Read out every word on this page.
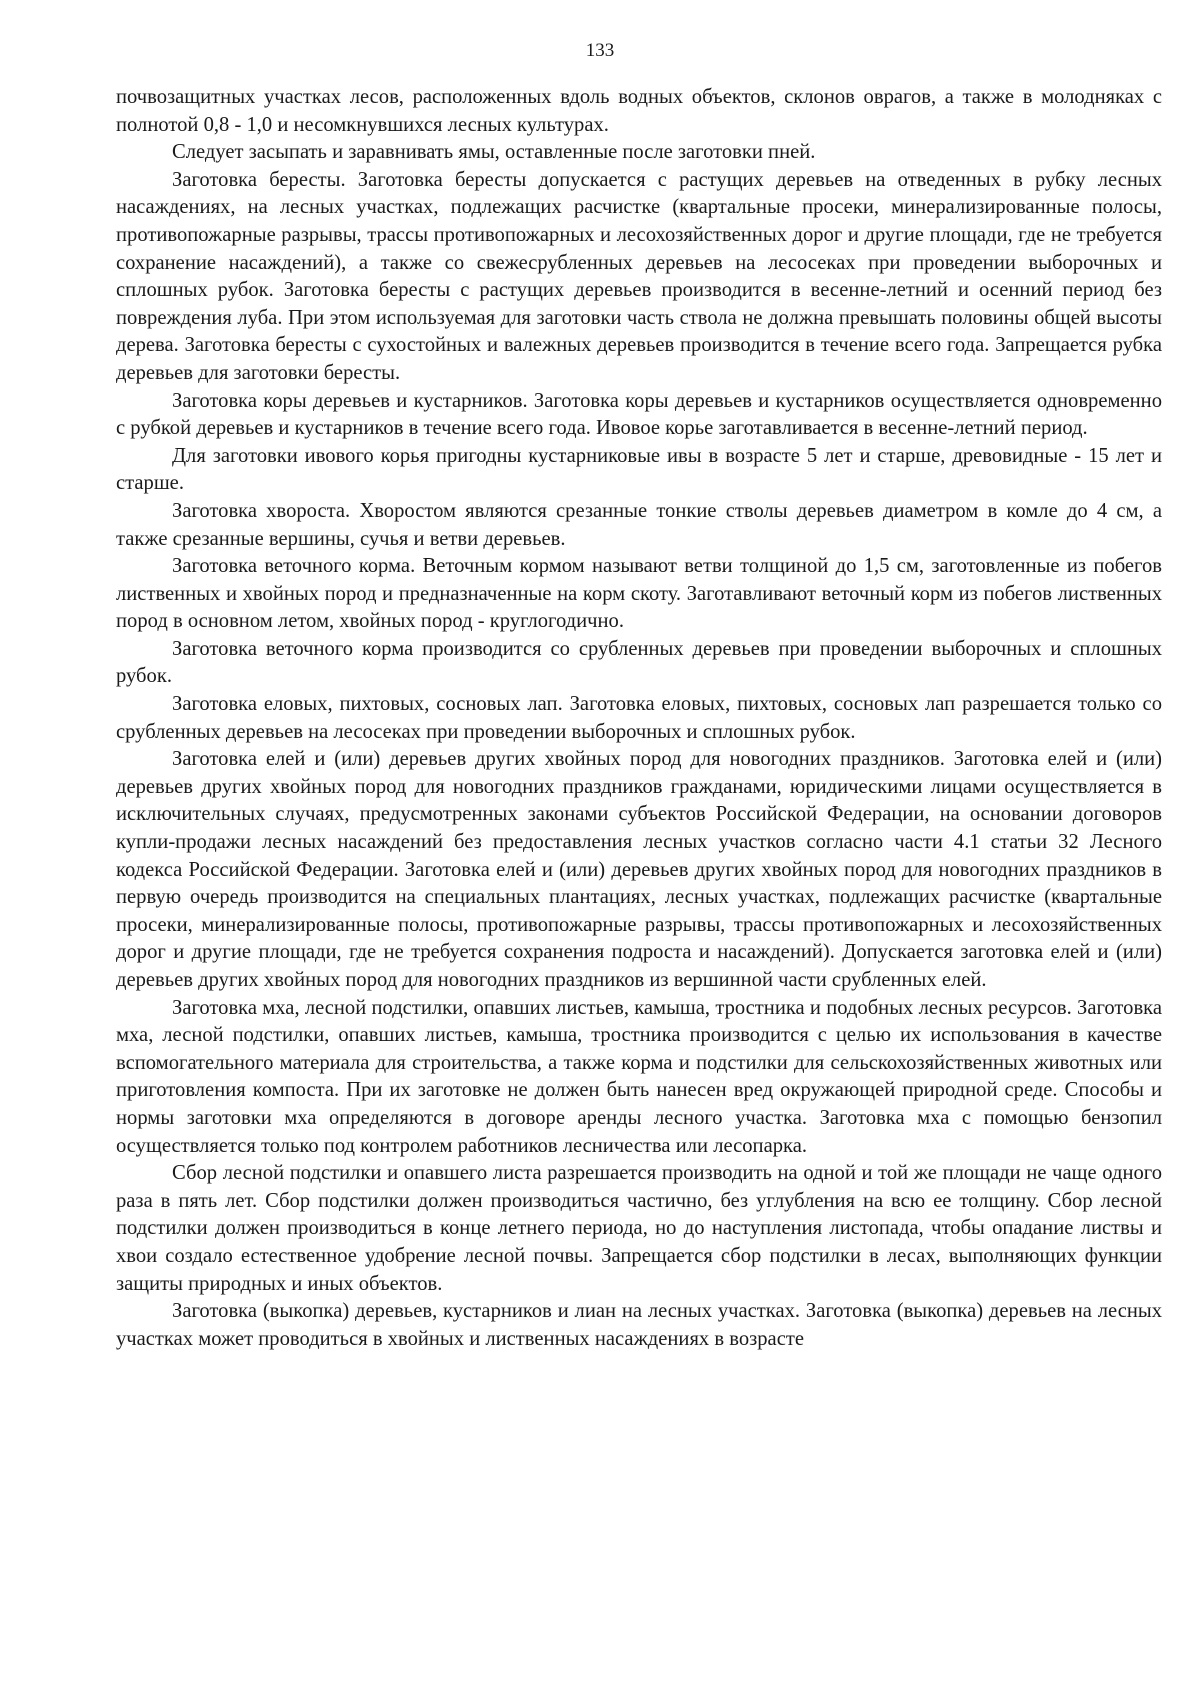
133

почвозащитных участках лесов, расположенных вдоль водных объектов, склонов оврагов, а также в молодняках с полнотой 0,8 - 1,0 и несомкнувшихся лесных культурах.

Следует засыпать и заравнивать ямы, оставленные после заготовки пней.

Заготовка бересты. Заготовка бересты допускается с растущих деревьев на отведенных в рубку лесных насаждениях, на лесных участках, подлежащих расчистке (квартальные просеки, минерализированные полосы, противопожарные разрывы, трассы противопожарных и лесохозяйственных дорог и другие площади, где не требуется сохранение насаждений), а также со свежесрубленных деревьев на лесосеках при проведении выборочных и сплошных рубок. Заготовка бересты с растущих деревьев производится в весенне-летний и осенний период без повреждения луба. При этом используемая для заготовки часть ствола не должна превышать половины общей высоты дерева. Заготовка бересты с сухостойных и валежных деревьев производится в течение всего года. Запрещается рубка деревьев для заготовки бересты.

Заготовка коры деревьев и кустарников. Заготовка коры деревьев и кустарников осуществляется одновременно с рубкой деревьев и кустарников в течение всего года. Ивовое корье заготавливается в весенне-летний период.

Для заготовки ивового корья пригодны кустарниковые ивы в возрасте 5 лет и старше, древовидные - 15 лет и старше.

Заготовка хвороста. Хворостом являются срезанные тонкие стволы деревьев диаметром в комле до 4 см, а также срезанные вершины, сучья и ветви деревьев.

Заготовка веточного корма. Веточным кормом называют ветви толщиной до 1,5 см, заготовленные из побегов лиственных и хвойных пород и предназначенные на корм скоту. Заготавливают веточный корм из побегов лиственных пород в основном летом, хвойных пород - круглогодично.

Заготовка веточного корма производится со срубленных деревьев при проведении выборочных и сплошных рубок.

Заготовка еловых, пихтовых, сосновых лап. Заготовка еловых, пихтовых, сосновых лап разрешается только со срубленных деревьев на лесосеках при проведении выборочных и сплошных рубок.

Заготовка елей и (или) деревьев других хвойных пород для новогодних праздников. Заготовка елей и (или) деревьев других хвойных пород для новогодних праздников гражданами, юридическими лицами осуществляется в исключительных случаях, предусмотренных законами субъектов Российской Федерации, на основании договоров купли-продажи лесных насаждений без предоставления лесных участков согласно части 4.1 статьи 32 Лесного кодекса Российской Федерации. Заготовка елей и (или) деревьев других хвойных пород для новогодних праздников в первую очередь производится на специальных плантациях, лесных участках, подлежащих расчистке (квартальные просеки, минерализированные полосы, противопожарные разрывы, трассы противопожарных и лесохозяйственных дорог и другие площади, где не требуется сохранения подроста и насаждений). Допускается заготовка елей и (или) деревьев других хвойных пород для новогодних праздников из вершинной части срубленных елей.

Заготовка мха, лесной подстилки, опавших листьев, камыша, тростника и подобных лесных ресурсов. Заготовка мха, лесной подстилки, опавших листьев, камыша, тростника производится с целью их использования в качестве вспомогательного материала для строительства, а также корма и подстилки для сельскохозяйственных животных или приготовления компоста. При их заготовке не должен быть нанесен вред окружающей природной среде. Способы и нормы заготовки мха определяются в договоре аренды лесного участка. Заготовка мха с помощью бензопил осуществляется только под контролем работников лесничества или лесопарка.

Сбор лесной подстилки и опавшего листа разрешается производить на одной и той же площади не чаще одного раза в пять лет. Сбор подстилки должен производиться частично, без углубления на всю ее толщину. Сбор лесной подстилки должен производиться в конце летнего периода, но до наступления листопада, чтобы опадание листвы и хвои создало естественное удобрение лесной почвы. Запрещается сбор подстилки в лесах, выполняющих функции защиты природных и иных объектов.

Заготовка (выкопка) деревьев, кустарников и лиан на лесных участках. Заготовка (выкопка) деревьев на лесных участках может проводиться в хвойных и лиственных насаждениях в возрасте
